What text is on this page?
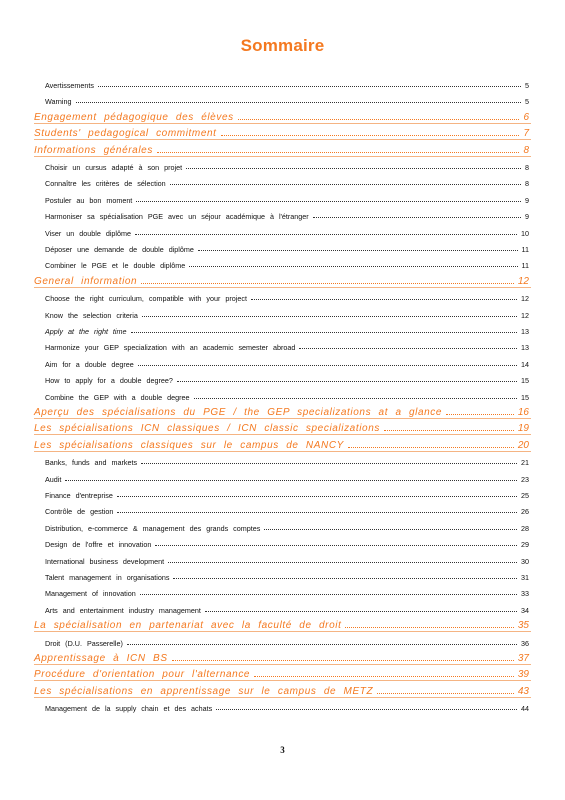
Sommaire
Avertissements	5
Warning	5
Engagement pédagogique des élèves	6
Students' pedagogical commitment	7
Informations générales	8
Choisir un cursus adapté à son projet	8
Connaître les critères de sélection	8
Postuler au bon moment	9
Harmoniser sa spécialisation PGE avec un séjour académique à l'étranger	9
Viser un double diplôme	10
Déposer une demande de double diplôme	11
Combiner le PGE et le double diplôme	11
General information	12
Choose the right curriculum, compatible with your project	12
Know the selection criteria	12
Apply at the right time	13
Harmonize your GEP specialization with an academic semester abroad	13
Aim for a double degree	14
How to apply for a double degree?	15
Combine the GEP with a double degree	15
Aperçu des spécialisations du PGE / the GEP specializations at a glance	16
Les spécialisations ICN classiques / ICN classic specializations	19
Les spécialisations classiques sur le campus de NANCY	20
Banks, funds and markets	21
Audit	23
Finance d'entreprise	25
Contrôle de gestion	26
Distribution, e-commerce & management des grands comptes	28
Design de l'offre et innovation	29
International business development	30
Talent management in organisations	31
Management of innovation	33
Arts and entertainment industry management	34
La spécialisation en partenariat avec la faculté de droit	35
Droit (D.U. Passerelle)	36
Apprentissage à ICN BS	37
Procédure d'orientation pour l'alternance	39
Les spécialisations en apprentissage sur le campus de METZ	43
Management de la supply chain et des achats	44
3
